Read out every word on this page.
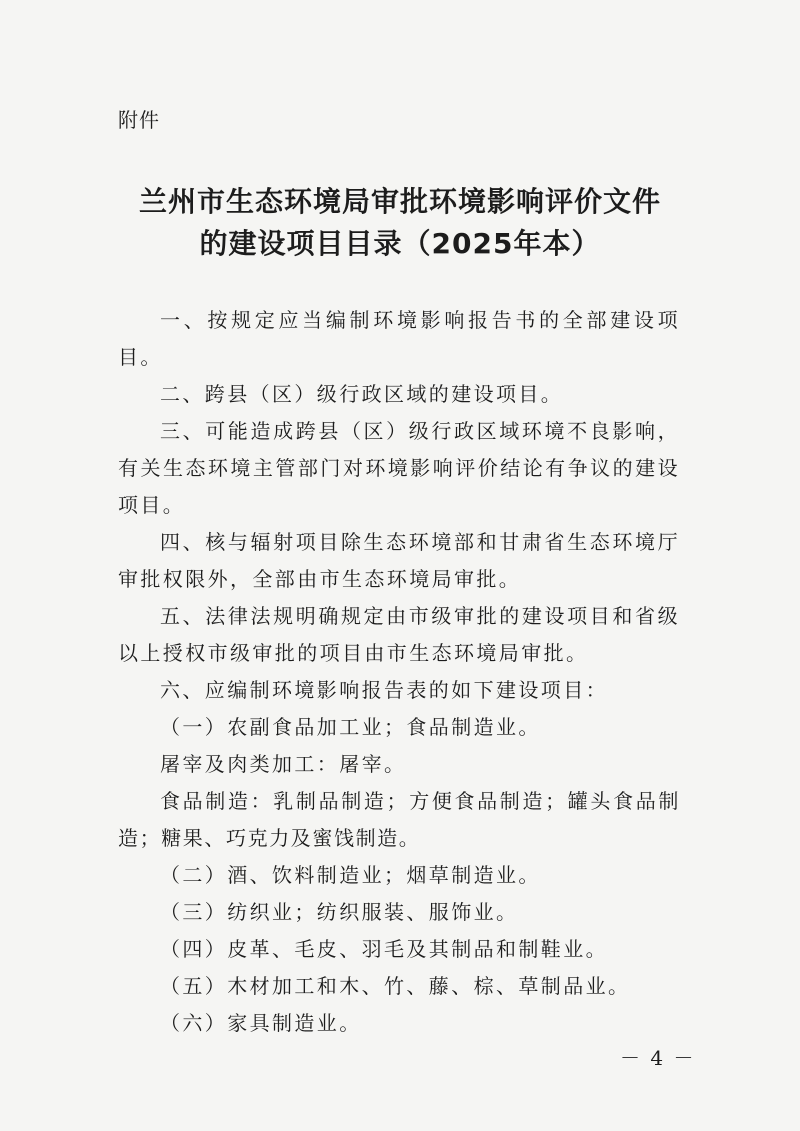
附件
兰州市生态环境局审批环境影响评价文件
的建设项目目录（2025年本）

一、按规定应当编制环境影响报告书的全部建设项目。

二、跨县（区）级行政区域的建设项目。

三、可能造成跨县（区）级行政区域环境不良影响，有关生态环境主管部门对环境影响评价结论有争议的建设项目。

四、核与辐射项目除生态环境部和甘肃省生态环境厅审批权限外，全部由市生态环境局审批。

五、法律法规明确规定由市级审批的建设项目和省级以上授权市级审批的项目由市生态环境局审批。

六、应编制环境影响报告表的如下建设项目：

（一）农副食品加工业；食品制造业。

屠宰及肉类加工：屠宰。

食品制造：乳制品制造；方便食品制造；罐头食品制造；糖果、巧克力及蜜饯制造。

（二）酒、饮料制造业；烟草制造业。

（三）纺织业；纺织服装、服饰业。

（四）皮革、毛皮、羽毛及其制品和制鞋业。

（五）木材加工和木、竹、藤、棕、草制品业。

（六）家具制造业。

－ 4 －
